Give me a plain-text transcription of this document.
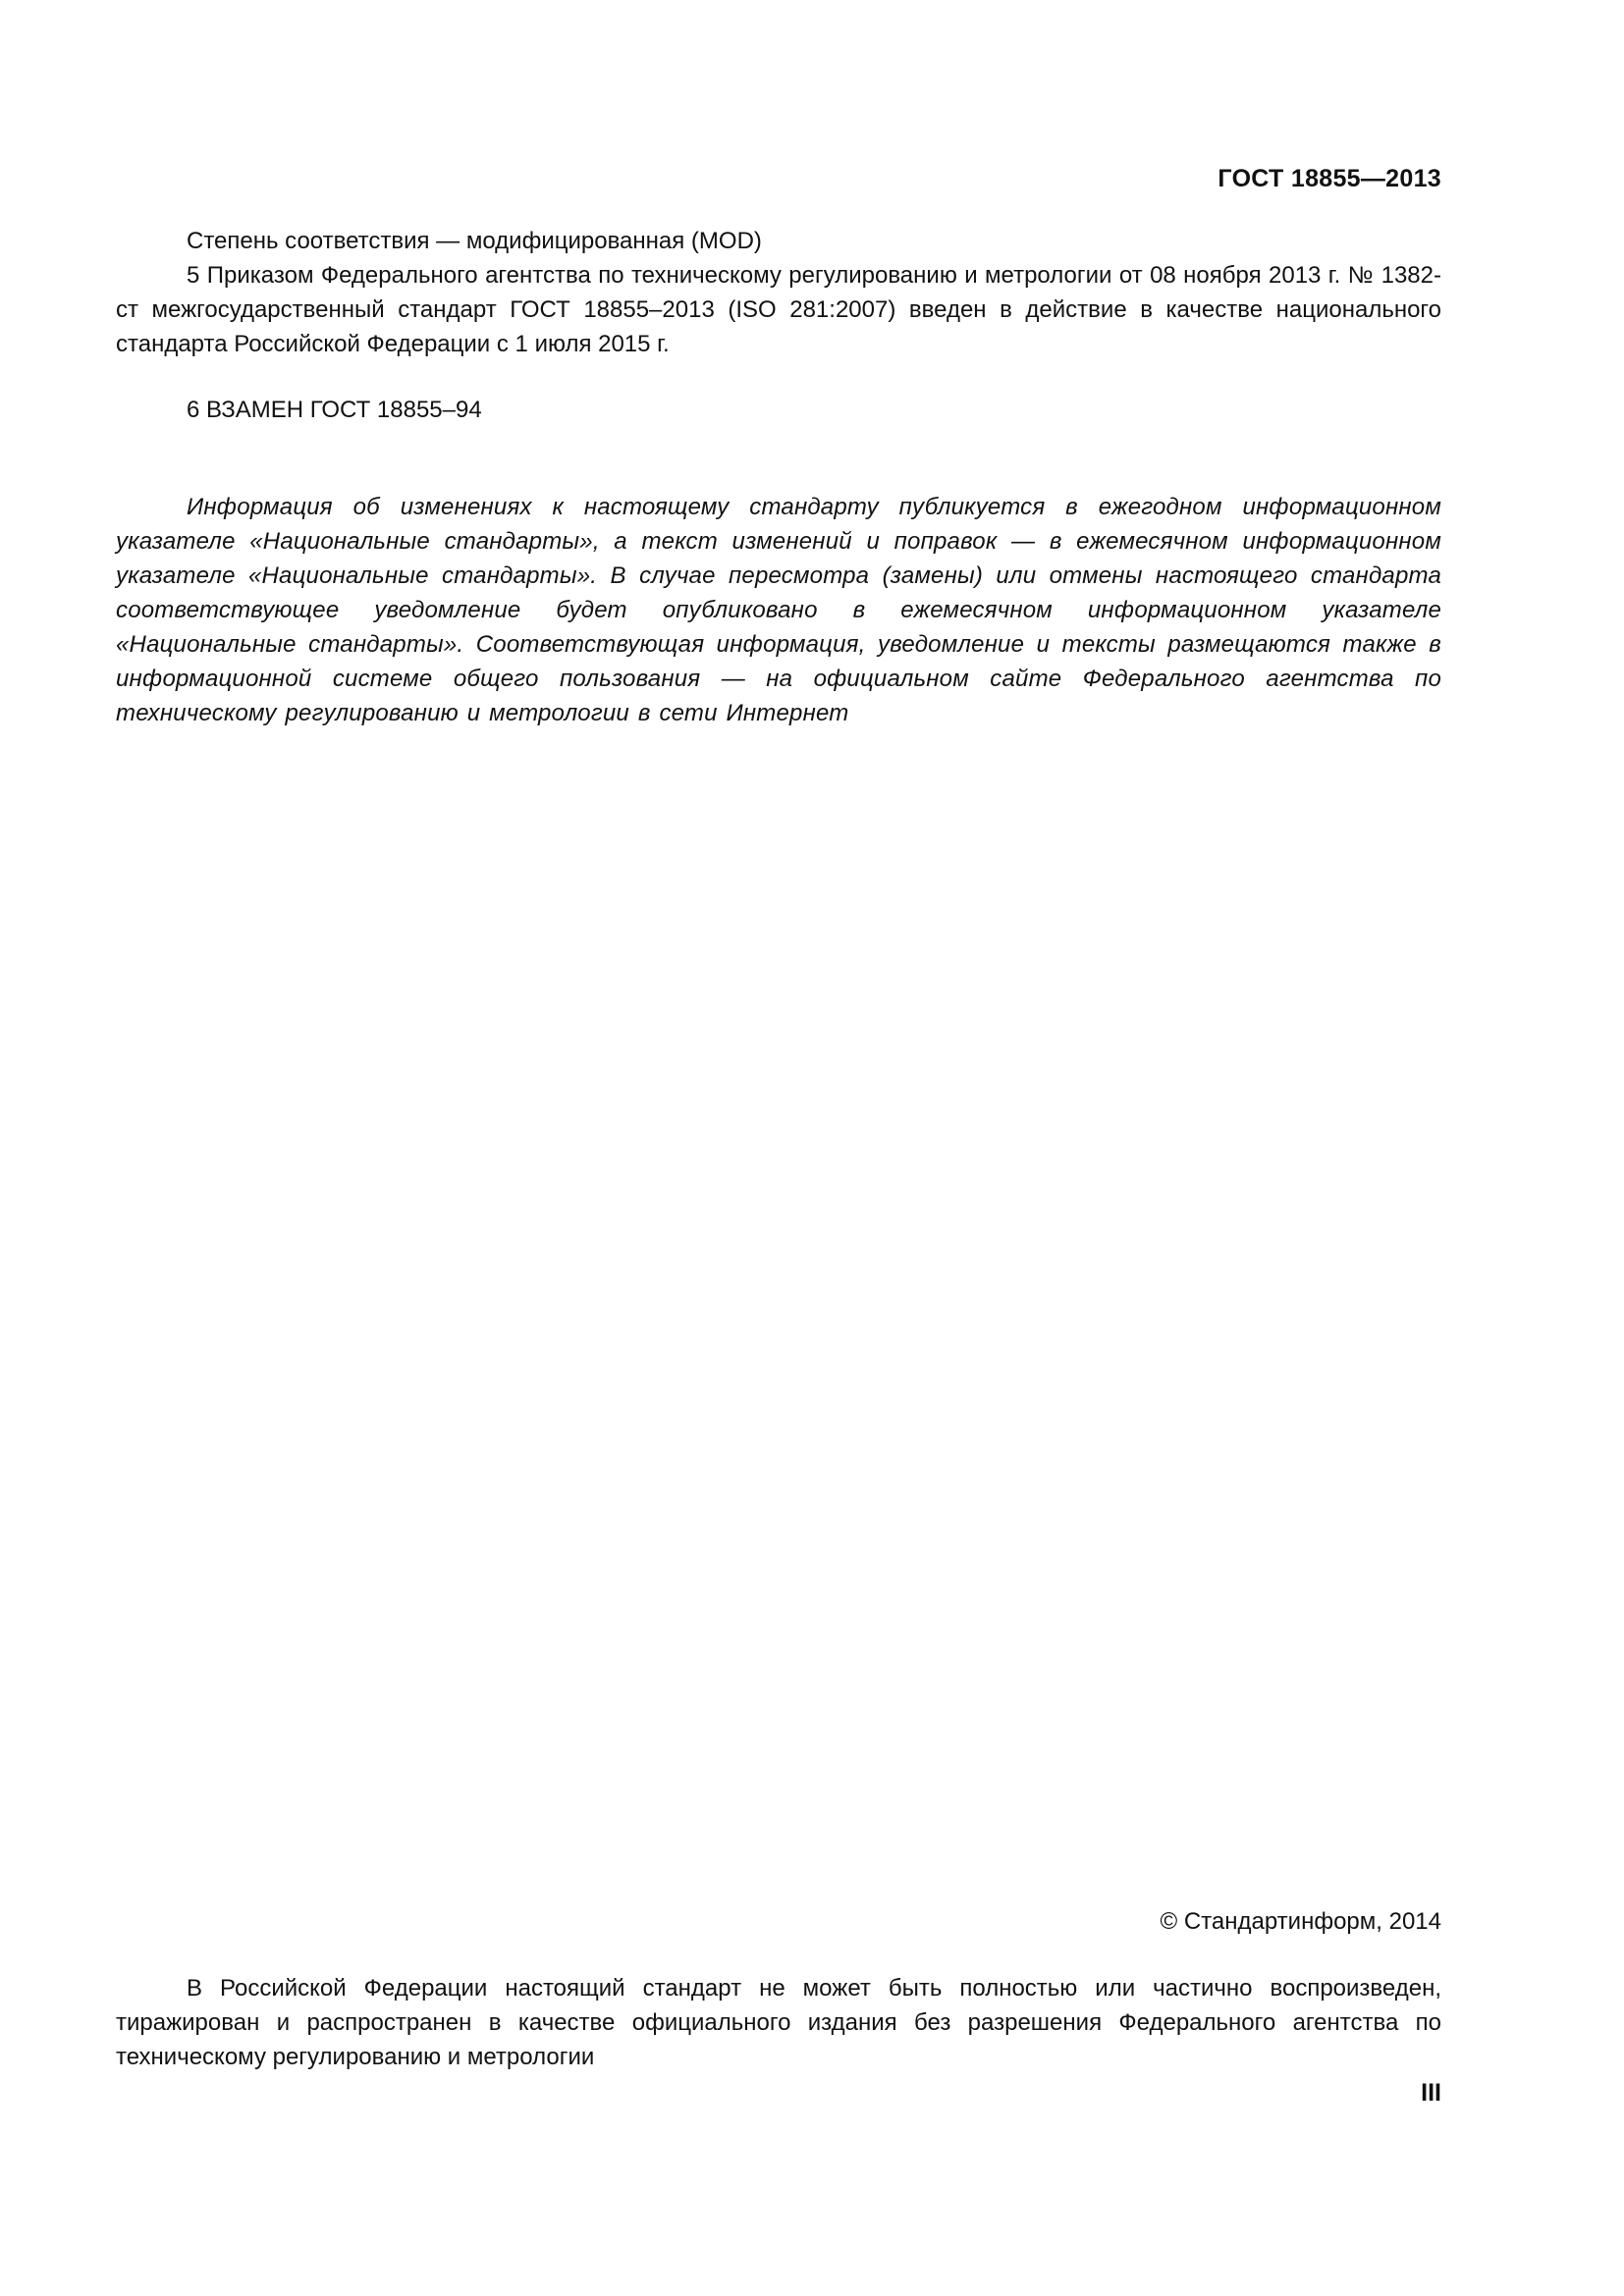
ГОСТ 18855—2013

Степень соответствия — модифицированная (MOD)

5 Приказом Федерального агентства по техническому регулированию и метрологии от 08 ноября 2013 г. № 1382-ст межгосударственный стандарт ГОСТ 18855–2013 (ISO 281:2007) введен в действие в качестве национального стандарта Российской Федерации с 1 июля 2015 г.

6 ВЗАМЕН ГОСТ 18855–94

Информация об изменениях к настоящему стандарту публикуется в ежегодном информационном указателе «Национальные стандарты», а текст изменений и поправок — в ежемесячном информационном указателе «Национальные стандарты». В случае пересмотра (замены) или отмены настоящего стандарта соответствующее уведомление будет опубликовано в ежемесячном информационном указателе «Национальные стандарты». Соответствующая информация, уведомление и тексты размещаются также в информационной системе общего пользования — на официальном сайте Федерального агентства по техническому регулированию и метрологии в сети Интернет

© Стандартинформ, 2014

В Российской Федерации настоящий стандарт не может быть полностью или частично воспроизведен, тиражирован и распространен в качестве официального издания без разрешения Федерального агентства по техническому регулированию и метрологии

III
